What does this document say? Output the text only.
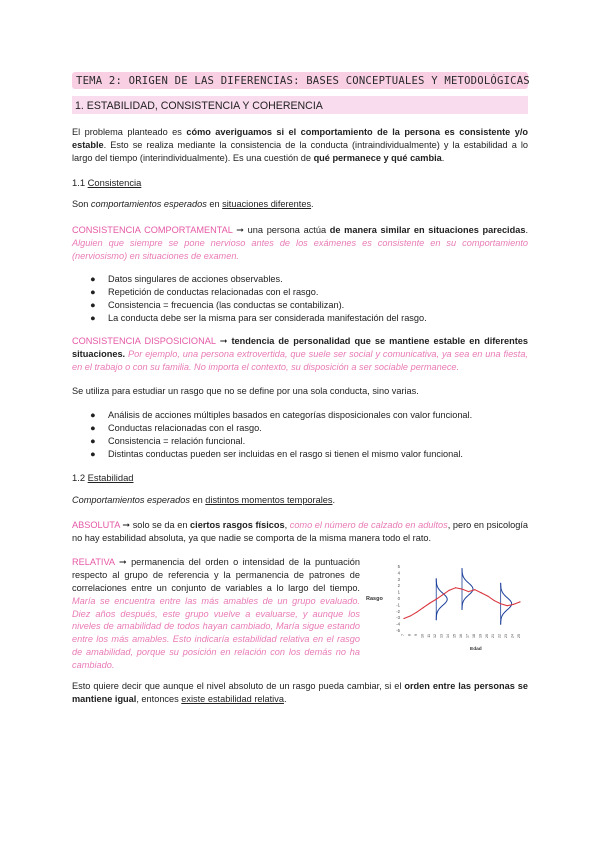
TEMA 2: ORIGEN DE LAS DIFERENCIAS: BASES CONCEPTUALES Y METODOLÓGICAS
1. ESTABILIDAD, CONSISTENCIA Y COHERENCIA
El problema planteado es cómo averiguamos si el comportamiento de la persona es consistente y/o estable. Esto se realiza mediante la consistencia de la conducta (intraindividualmente) y la estabilidad a lo largo del tiempo (interindividualmente). Es una cuestión de qué permanece y qué cambia.
1.1 Consistencia
Son comportamientos esperados en situaciones diferentes.
CONSISTENCIA COMPORTAMENTAL ➞ una persona actúa de manera similar en situaciones parecidas. Alguien que siempre se pone nervioso antes de los exámenes es consistente en su comportamiento (nerviosismo) en situaciones de examen.
● Datos singulares de acciones observables.
● Repetición de conductas relacionadas con el rasgo.
● Consistencia = frecuencia (las conductas se contabilizan).
● La conducta debe ser la misma para ser considerada manifestación del rasgo.
CONSISTENCIA DISPOSICIONAL ➞ tendencia de personalidad que se mantiene estable en diferentes situaciones. Por ejemplo, una persona extrovertida, que suele ser social y comunicativa, ya sea en una fiesta, en el trabajo o con su familia. No importa el contexto, su disposición a ser sociable permanece.
Se utiliza para estudiar un rasgo que no se define por una sola conducta, sino varias.
● Análisis de acciones múltiples basados en categorías disposicionales con valor funcional.
● Conductas relacionadas con el rasgo.
● Consistencia = relación funcional.
● Distintas conductas pueden ser incluidas en el rasgo si tienen el mismo valor funcional.
1.2 Estabilidad
Comportamientos esperados en distintos momentos temporales.
ABSOLUTA ➞ solo se da en ciertos rasgos físicos, como el número de calzado en adultos, pero en psicología no hay estabilidad absoluta, ya que nadie se comporta de la misma manera todo el rato.
RELATIVA ➞ permanencia del orden o intensidad de la puntuación respecto al grupo de referencia y la permanencia de patrones de correlaciones entre un conjunto de variables a lo largo del tiempo. María se encuentra entre las más amables de un grupo evaluado. Diez años después, este grupo vuelve a evaluarse, y aunque los niveles de amabilidad de todos hayan cambiado, María sigue estando entre los más amables. Esto indicaría estabilidad relativa en el rasgo de amabilidad, porque su posición en relación con los demás no ha cambiado.
5
4
3
2
1
0
-1
-2
-3
-4
-5
Rasgo
7 8 9 10 11 12 13 14 15 16 17 18 19 20 21 22 23 24 25
Edad
Esto quiere decir que aunque el nivel absoluto de un rasgo pueda cambiar, si el orden entre las personas se mantiene igual, entonces existe estabilidad relativa.
